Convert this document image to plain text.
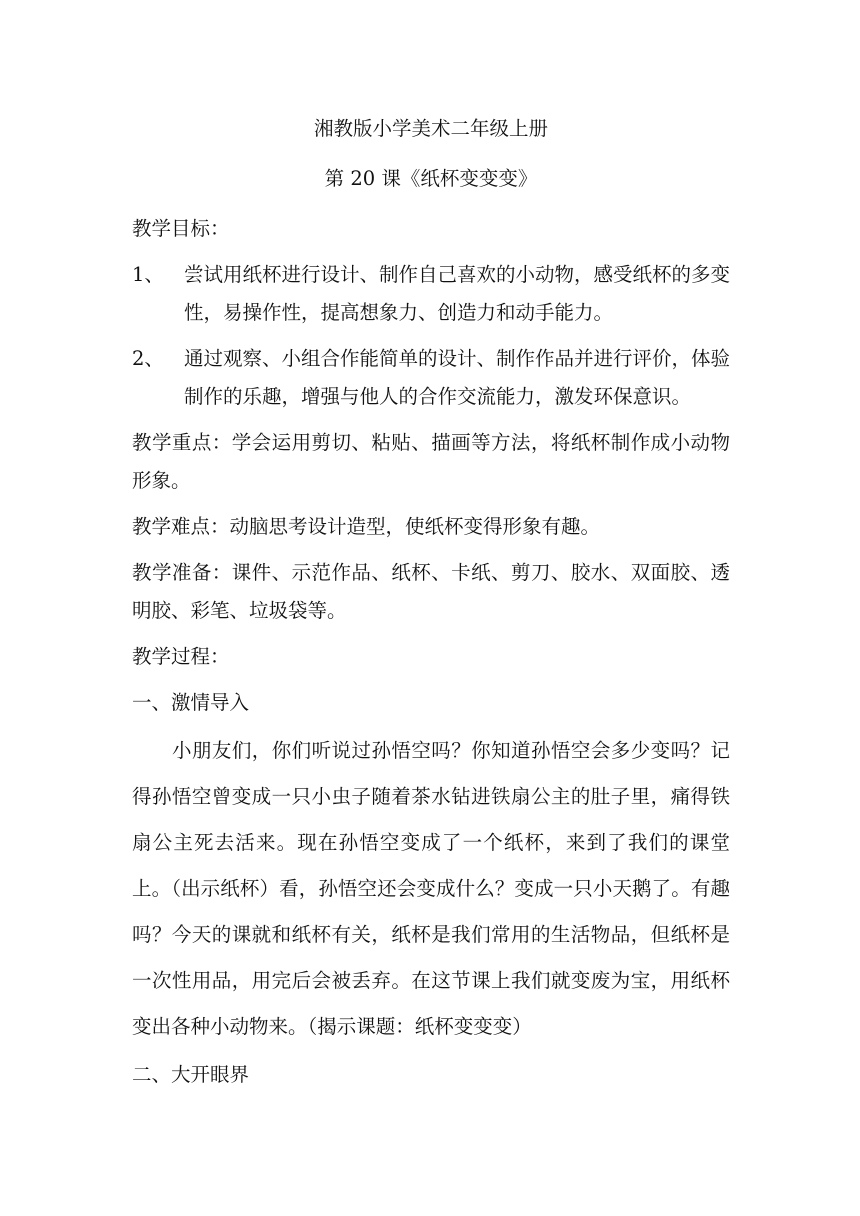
湘教版小学美术二年级上册
第 20 课《纸杯变变变》
教学目标：
1、	尝试用纸杯进行设计、制作自己喜欢的小动物，感受纸杯的多变性，易操作性，提高想象力、创造力和动手能力。
2、	通过观察、小组合作能简单的设计、制作作品并进行评价，体验制作的乐趣，增强与他人的合作交流能力，激发环保意识。
教学重点：学会运用剪切、粘贴、描画等方法，将纸杯制作成小动物形象。
教学难点：动脑思考设计造型，使纸杯变得形象有趣。
教学准备：课件、示范作品、纸杯、卡纸、剪刀、胶水、双面胶、透明胶、彩笔、垃圾袋等。
教学过程：
一、激情导入
小朋友们，你们听说过孙悟空吗？你知道孙悟空会多少变吗？记得孙悟空曾变成一只小虫子随着茶水钻进铁扇公主的肚子里，痛得铁扇公主死去活来。现在孙悟空变成了一个纸杯，来到了我们的课堂上。（出示纸杯）看，孙悟空还会变成什么？变成一只小天鹅了。有趣吗？今天的课就和纸杯有关，纸杯是我们常用的生活物品，但纸杯是一次性用品，用完后会被丢弃。在这节课上我们就变废为宝，用纸杯变出各种小动物来。（揭示课题：纸杯变变变）
二、大开眼界
